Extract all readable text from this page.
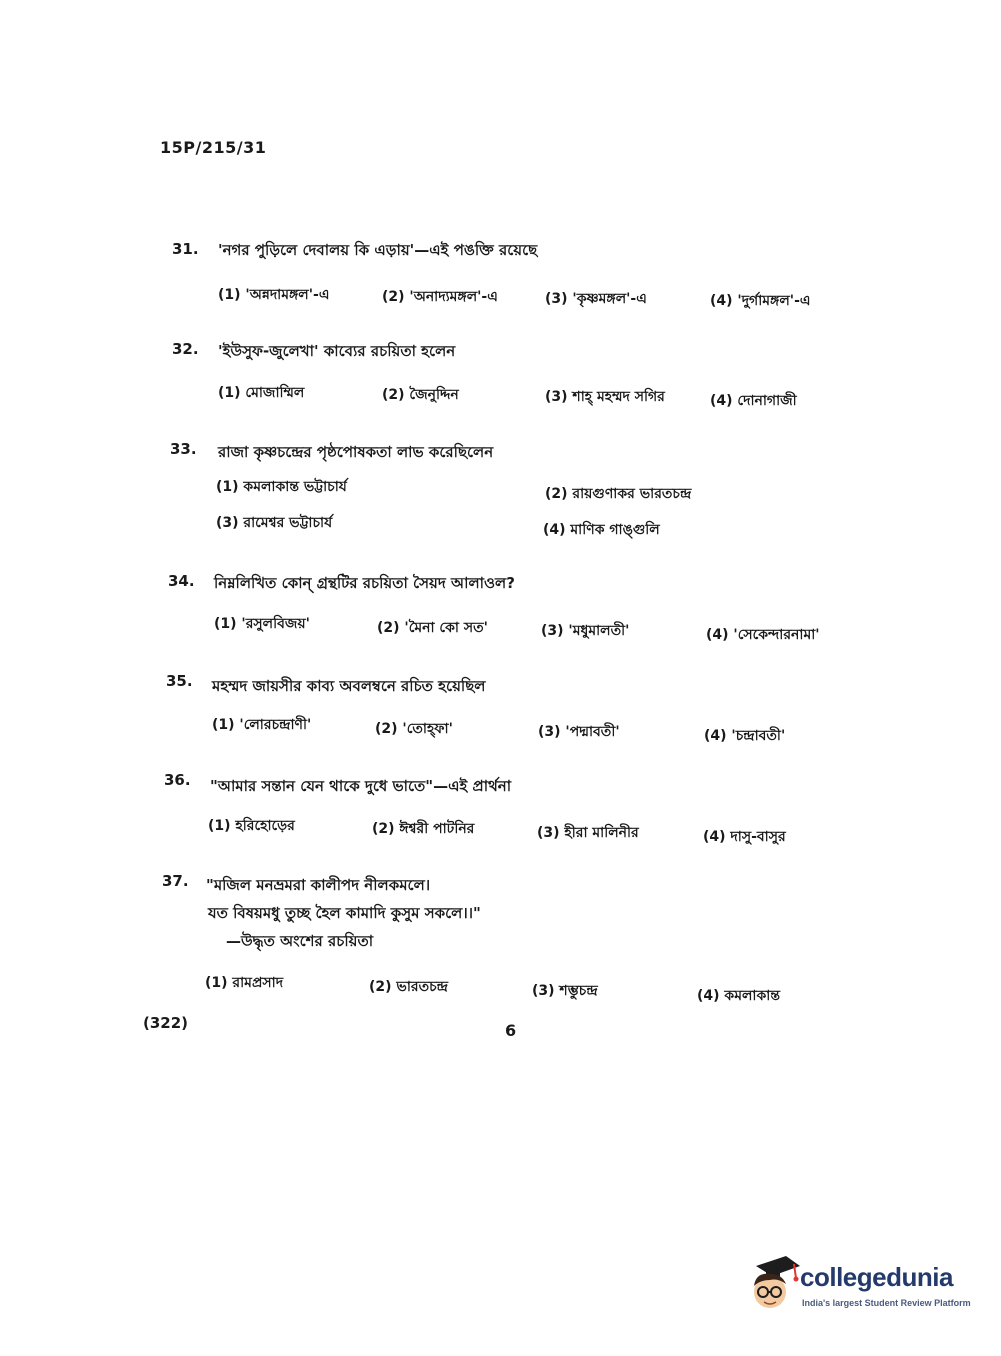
15P/215/31
31. 'নগর পুড়িলে দেবালয় কি এড়ায়'—এই পঙক্তি রয়েছে
(1) 'অন্নদামঙ্গল'-এ	(2) 'অনাদ্যমঙ্গল'-এ	(3) 'কৃষ্ণমঙ্গল'-এ	(4) 'দুর্গামঙ্গল'-এ
32. 'ইউসুফ-জুলেখা' কাব্যের রচয়িতা হলেন
(1) মোজাম্মিল	(2) জৈনুদ্দিন	(3) শাহ্ মহম্মদ সগির	(4) দোনাগাজী
33. রাজা কৃষ্ণচন্দ্রের পৃষ্ঠপোষকতা লাভ করেছিলেন
(1) কমলাকান্ত ভট্টাচার্য	(2) রায়গুণাকর ভারতচন্দ্র
(3) রামেশ্বর ভট্টাচার্য	(4) মাণিক গাঙ্গুলি
34. নিম্নলিখিত কোন্ গ্রন্থটির রচয়িতা সৈয়দ আলাওল?
(1) 'রসুলবিজয়'	(2) 'মৈনা কো সত'	(3) 'মধুমালতী'	(4) 'সেকেন্দারনামা'
35. মহম্মদ জায়সীর কাব্য অবলম্বনে রচিত হয়েছিল
(1) 'লোরচন্দ্রাণী'	(2) 'তোহ্ফা'	(3) 'পদ্মাবতী'	(4) 'চন্দ্রাবতী'
36. "আমার সন্তান যেন থাকে দুধে ভাতে"—এই প্রার্থনা
(1) হরিহোড়ের	(2) ঈশ্বরী পাটনির	(3) হীরা মালিনীর	(4) দাসু-বাসুর
37. "মজিল মনভ্রমরা কালীপদ নীলকমলে।
যত বিষয়মধু তুচ্ছ হৈল কামাদি কুসুম সকলে।।"
—উদ্ধৃত অংশের রচয়িতা
(1) রামপ্রসাদ	(2) ভারতচন্দ্র	(3) শম্ভুচন্দ্র	(4) কমলাকান্ত
(322)	6
collegedunia
India's largest Student Review Platform
